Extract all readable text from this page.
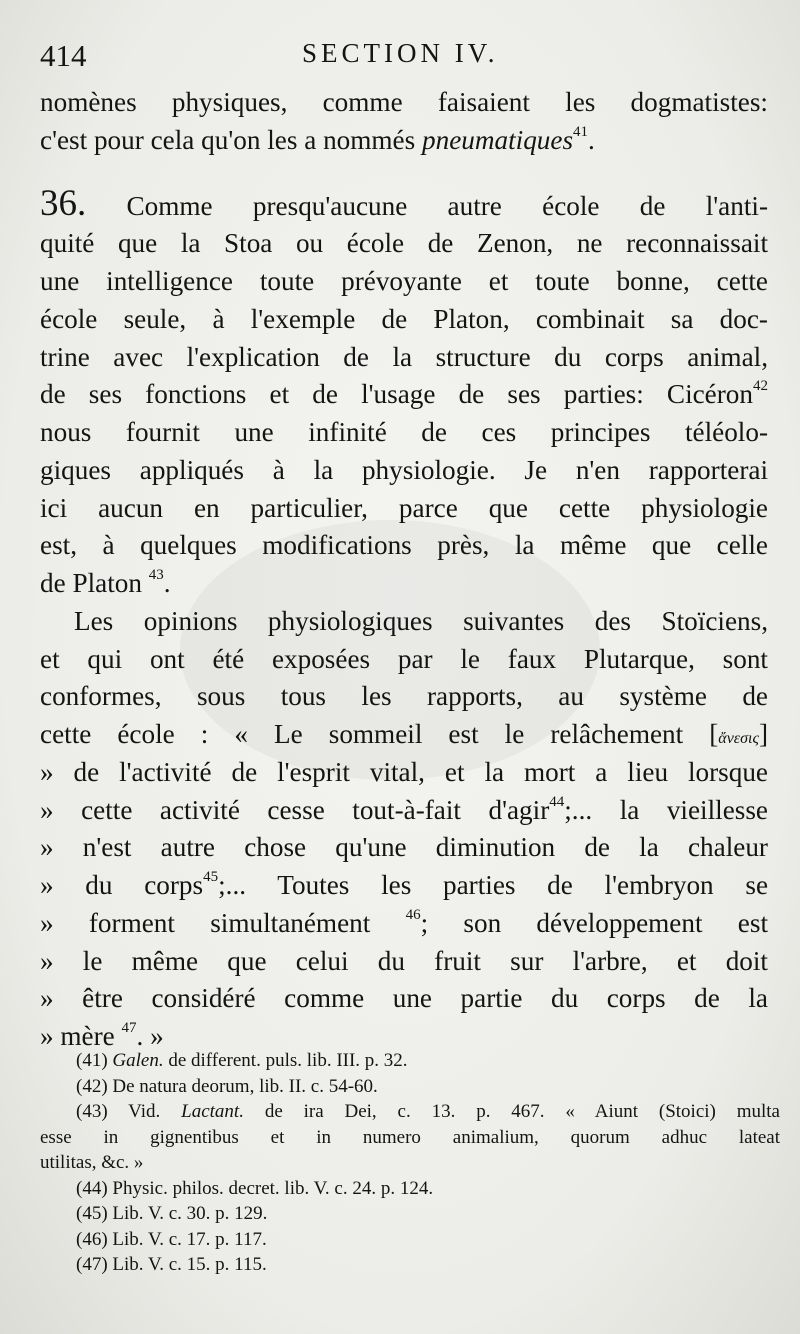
414	SECTION IV.
nomènes physiques, comme faisaient les dogmatistes:
c'est pour cela qu'on les a nommés pneumatiques$^{41}$.
36. Comme presqu'aucune autre école de l'anti-
quité que la Stoa ou école de Zenon, ne reconnaissait
une intelligence toute prévoyante et toute bonne, cette
école seule, à l'exemple de Platon, combinait sa doc-
trine avec l'explication de la structure du corps animal,
de ses fonctions et de l'usage de ses parties: Cicéron$^{42}$
nous fournit une infinité de ces principes téléolo-
giques appliqués à la physiologie. Je n'en rapporterai
ici aucun en particulier, parce que cette physiologie
est, à quelques modifications près, la même que celle
de Platon $^{43}$.
Les opinions physiologiques suivantes des Stoïciens,
et qui ont été exposées par le faux Plutarque, sont
conformes, sous tous les rapports, au système de
cette école : « Le sommeil est le relâchement [ἄνεσις]
» de l'activité de l'esprit vital, et la mort a lieu lorsque
» cette activité cesse tout-à-fait d'agir$^{44}$;... la vieillesse
» n'est autre chose qu'une diminution de la chaleur
» du corps$^{45}$;... Toutes les parties de l'embryon se
» forment simultanément $^{46}$; son développement est
» le même que celui du fruit sur l'arbre, et doit
» être considéré comme une partie du corps de la
» mère $^{47}$. »
(41) Galen. de different. puls. lib. III. p. 32.
(42) De natura deorum, lib. II. c. 54-60.
(43) Vid. Lactant. de ira Dei, c. 13. p. 467. « Aiunt (Stoici) multa
esse in gignentibus et in numero animalium, quorum adhuc lateat
utilitas, &c. »
(44) Physic. philos. decret. lib. V. c. 24. p. 124.
(45) Lib. V. c. 30. p. 129.
(46) Lib. V. c. 17. p. 117.
(47) Lib. V. c. 15. p. 115.
